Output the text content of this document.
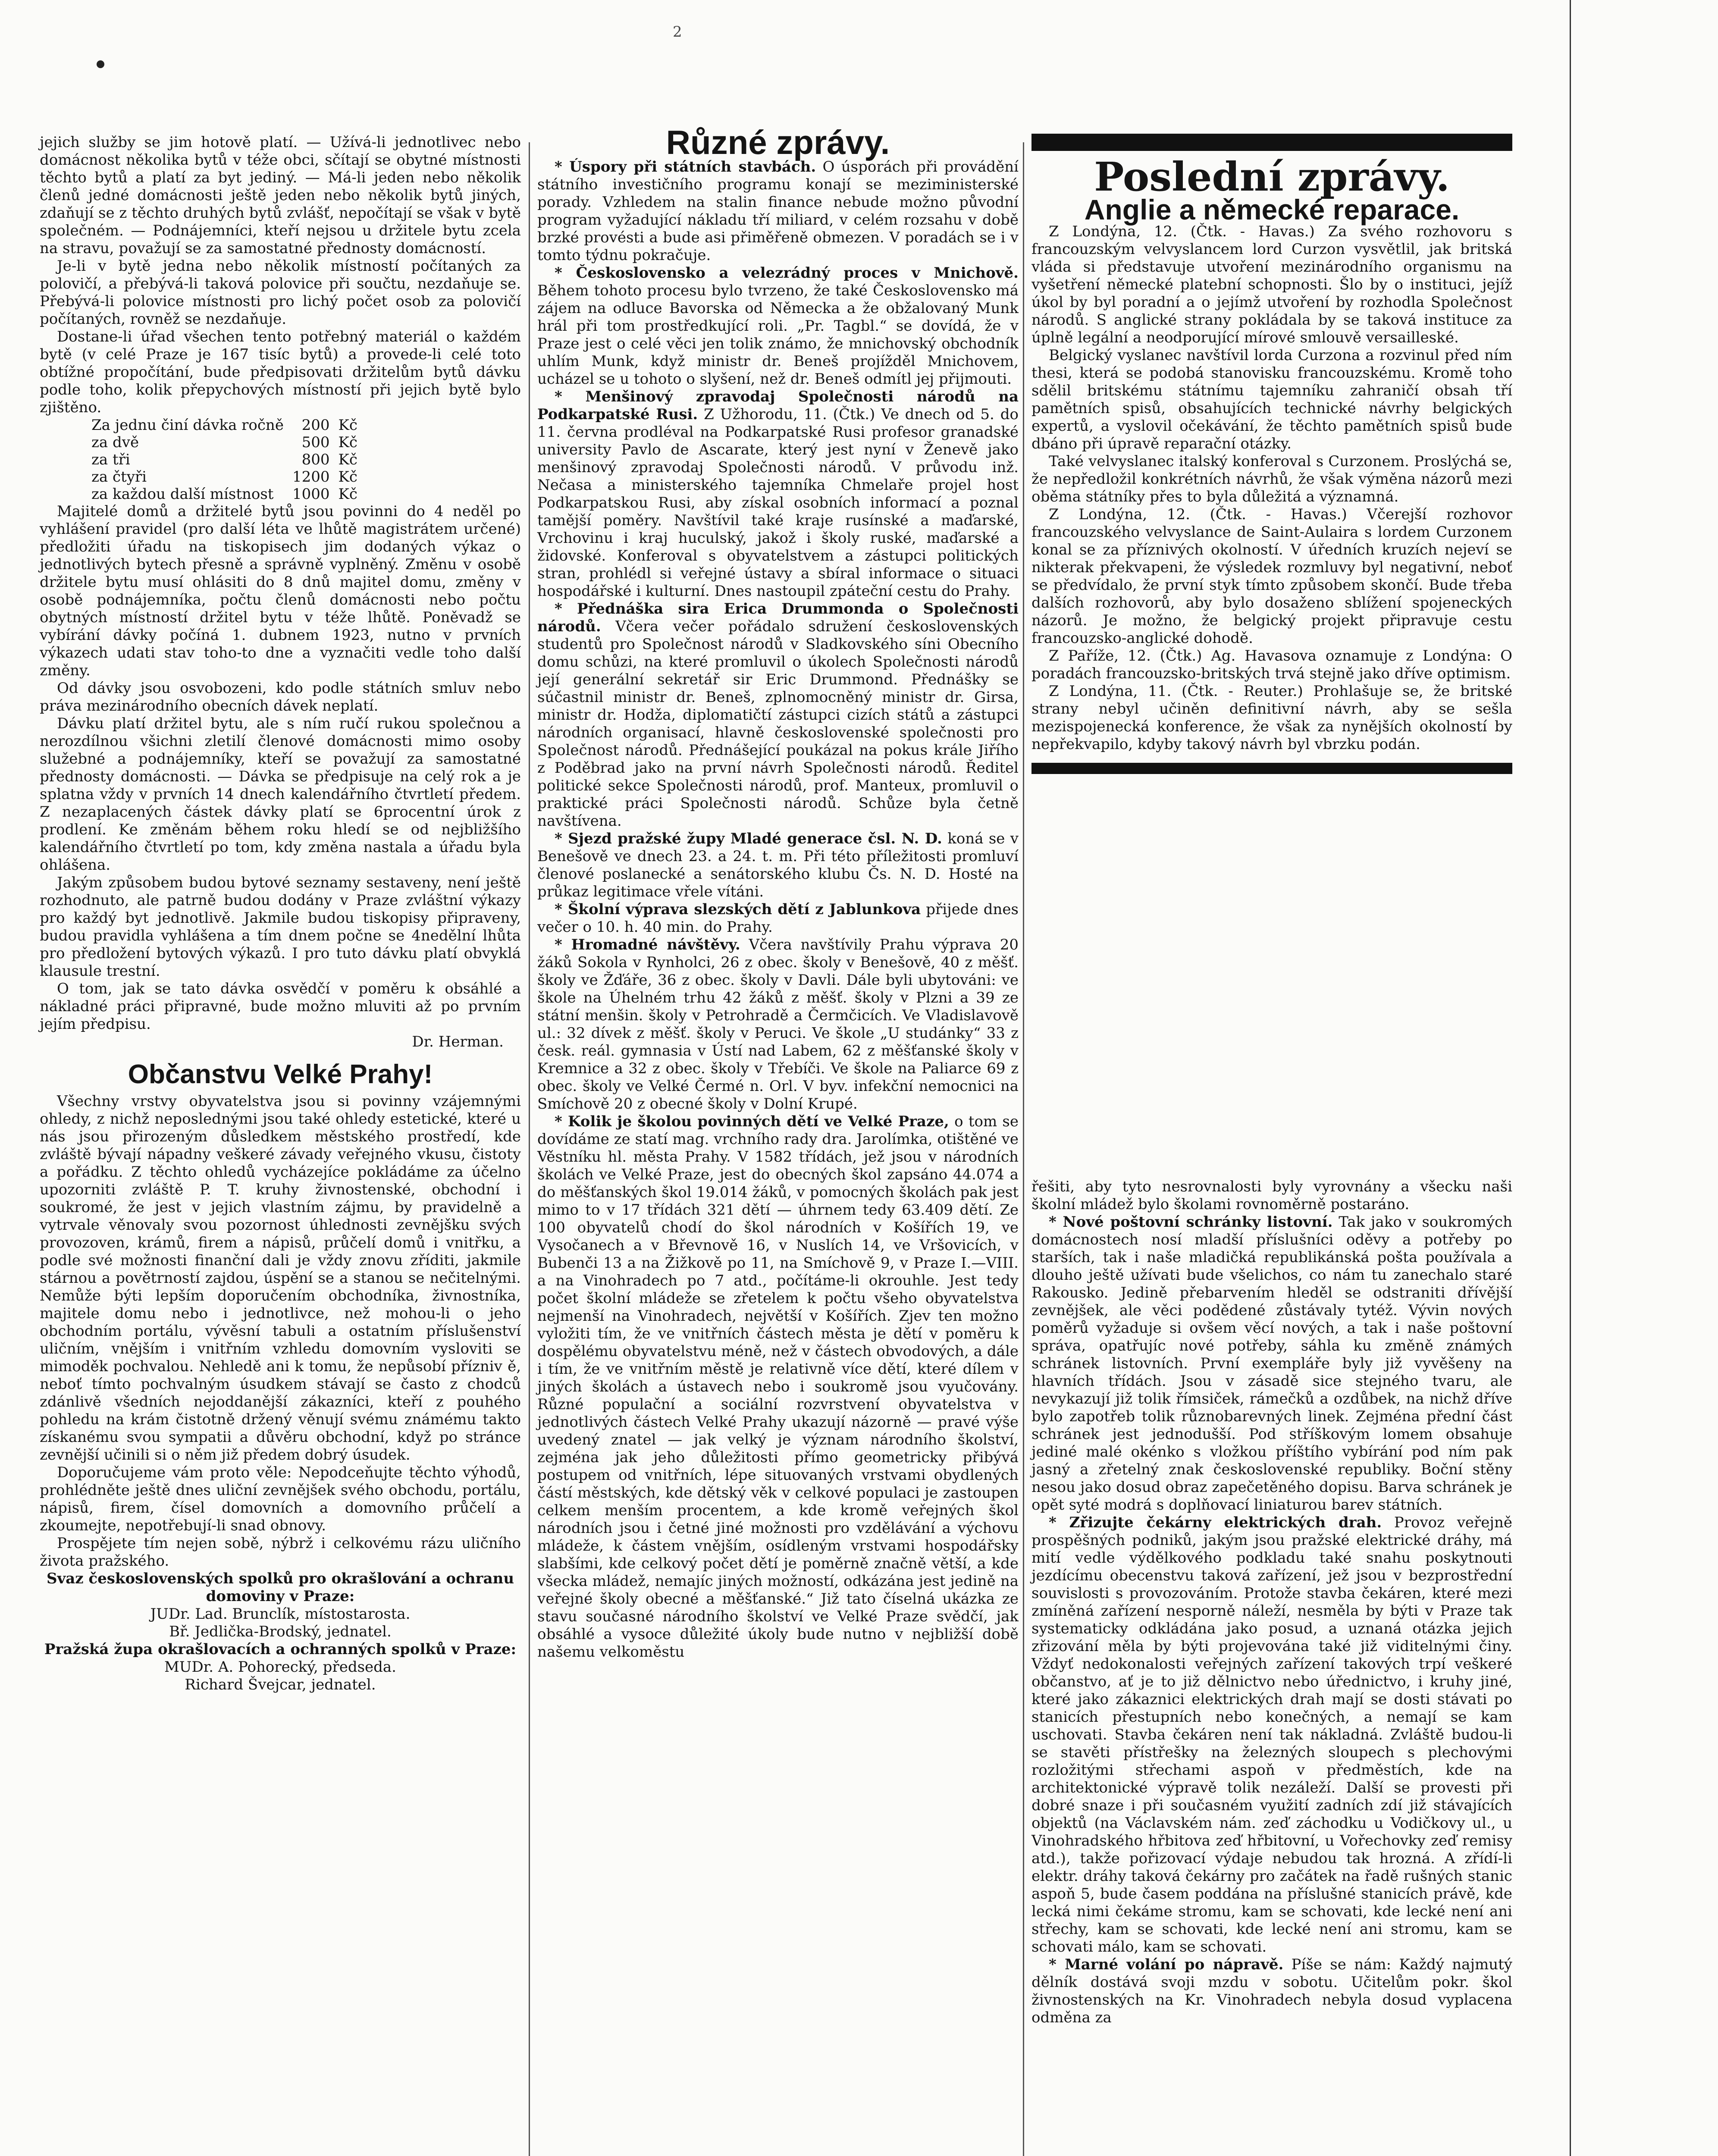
2

jejich služby se jim hotově platí. — Užívá-li jednotlivec nebo domácnost několika bytů v téže obci, sčítají se obytné místnosti těchto bytů a platí za byt jediný. — Má-li jeden nebo několik členů jedné domácnosti ještě jeden nebo několik bytů jiných, zdaňují se z těchto druhých bytů zvlášť, nepočítají se však v bytě společném. — Podnájemníci, kteří nejsou u držitele bytu zcela na stravu, považují se za samostatné přednosty domácností.

Je-li v bytě jedna nebo několik místností počítaných za polovičí, a přebývá-li taková polovice při součtu, nezdaňuje se. Přebývá-li polovice místnosti pro lichý počet osob za polovičí počítaných, rovněž se nezdaňuje.

Dostane-li úřad všechen tento potřebný materiál o každém bytě (v celé Praze je 167 tisíc bytů) a provede-li celé toto obtížné propočítání, bude předpisovati držitelům bytů dávku podle toho, kolik přepychových místností při jejich bytě bylo zjištěno.

Za jednu činí dávka ročně	200	Kč
za dvě	500	Kč
za tři	800	Kč
za čtyři	1200	Kč
za každou další místnost	1000	Kč

Majitelé domů a držitelé bytů jsou povinni do 4 neděl po vyhlášení pravidel (pro další léta ve lhůtě magistrátem určené) předložiti úřadu na tiskopisech jim dodaných výkaz o jednotlivých bytech přesně a správně vyplněný. Změnu v osobě držitele bytu musí ohlásiti do 8 dnů majitel domu, změny v osobě podnájemníka, počtu členů domácnosti nebo počtu obytných místností držitel bytu v téže lhůtě. Poněvadž se vybírání dávky počíná 1. dubnem 1923, nutno v prvních výkazech udati stav toho-to dne a vyznačiti vedle toho další změny.

Od dávky jsou osvobozeni, kdo podle státních smluv nebo práva mezinárodního obecních dávek neplatí.

Dávku platí držitel bytu, ale s ním ručí rukou společnou a nerozdílnou všichni zletilí členové domácnosti mimo osoby služebné a podnájemníky, kteří se považují za samostatné přednosty domácnosti. — Dávka se předpisuje na celý rok a je splatna vždy v prvních 14 dnech kalendářního čtvrtletí předem. Z nezaplacených částek dávky platí se 6procentní úrok z prodlení. Ke změnám během roku hledí se od nejbližšího kalendářního čtvrtletí po tom, kdy změna nastala a úřadu byla ohlášena.

Jakým způsobem budou bytové seznamy sestaveny, není ještě rozhodnuto, ale patrně budou dodány v Praze zvláštní výkazy pro každý byt jednotlivě. Jakmile budou tiskopisy připraveny, budou pravidla vyhlášena a tím dnem počne se 4nedělní lhůta pro předložení bytových výkazů. I pro tuto dávku platí obvyklá klausule trestní.

O tom, jak se tato dávka osvědčí v poměru k obsáhlé a nákladné práci připravné, bude možno mluviti až po prvním jejím předpisu.

Dr. Herman.

Občanstvu Velké Prahy!

Všechny vrstvy obyvatelstva jsou si povinny vzájemnými ohledy, z nichž neposlednými jsou také ohledy estetické, které u nás jsou přirozeným důsledkem městského prostředí, kde zvláště bývají nápadny veškeré závady veřejného vkusu, čistoty a pořádku. Z těchto ohledů vycházejíce pokládáme za účelno upozorniti zvláště P. T. kruhy živnostenské, obchodní i soukromé, že jest v jejich vlastním zájmu, by pravidelně a vytrvale věnovaly svou pozornost úhlednosti zevnějšku svých provozoven, krámů, firem a nápisů, průčelí domů i vnitřku, a podle své možnosti finanční dali je vždy znovu zříditi, jakmile stárnou a povětrností zajdou, úspění se a stanou se nečitelnými. Nemůže býti lepším doporučením obchodníka, živnostníka, majitele domu nebo i jednotlivce, než mohou-li o jeho obchodním portálu, vývěsní tabuli a ostatním příslušenství uličním, vnějším i vnitřním vzhledu domovním vysloviti se mimoděk pochvalou. Nehledě ani k tomu, že nepůsobí přízniv ě, neboť tímto pochvalným úsudkem stávají se často z chodců zdánlivě všedních nejoddanější zákazníci, kteří z pouhého pohledu na krám čistotně držený věnují svému známému takto získanému svou sympatii a důvěru obchodní, když po stránce zevnější učinili si o něm již předem dobrý úsudek.

Doporučujeme vám proto věle: Nepodceňujte těchto výhodů, prohlédněte ještě dnes uliční zevnějšek svého obchodu, portálu, nápisů, firem, čísel domovních a domovního průčelí a zkoumejte, nepotřebují-li snad obnovy.

Prospějete tím nejen sobě, nýbrž i celkovému rázu uličního života pražského.

Svaz československých spolků pro okrašlování a ochranu domoviny v Praze:

JUDr. Lad. Brunclík, místostarosta.

Bř. Jedlička-Brodský, jednatel.

Pražská župa okrašlovacích a ochranných spolků v Praze:

MUDr. A. Pohorecký, předseda.

Richard Švejcar, jednatel.

Různé zprávy.

* Úspory při státních stavbách. O úsporách při provádění státního investičního programu konají se meziministerské porady. Vzhledem na stalin finance nebude možno původní program vyžadující nákladu tří miliard, v celém rozsahu v době brzké provésti a bude asi přiměřeně obmezen. V poradách se i v tomto týdnu pokračuje.

* Československo a velezrádný proces v Mnichově. Během tohoto procesu bylo tvrzeno, že také Československo má zájem na odluce Bavorska od Německa a že obžalovaný Munk hrál při tom prostředkující roli. „Pr. Tagbl.“ se dovídá, že v Praze jest o celé věci jen tolik známo, že mnichovský obchodník uhlím Munk, když ministr dr. Beneš projížděl Mnichovem, ucházel se u tohoto o slyšení, než dr. Beneš odmítl jej přijmouti.

* Menšinový zpravodaj Společnosti národů na Podkarpatské Rusi. Z Užhorodu, 11. (Čtk.) Ve dnech od 5. do 11. června prodléval na Podkarpatské Rusi profesor granadské university Pavlo de Ascarate, který jest nyní v Ženevě jako menšinový zpravodaj Společnosti národů. V průvodu inž. Nečasa a ministerského tajemníka Chmelaře projel host Podkarpatskou Rusi, aby získal osobních informací a poznal tamější poměry. Navštívil také kraje rusínské a maďarské, Vrchovinu i kraj huculský, jakož i školy ruské, maďarské a židovské. Konferoval s obyvatelstvem a zástupci politických stran, prohlédl si veřejné ústavy a sbíral informace o situaci hospodářské i kulturní. Dnes nastoupil zpáteční cestu do Prahy.

* Přednáška sira Erica Drummonda o Společnosti národů. Včera večer pořádalo sdružení československých studentů pro Společnost národů v Sladkovského síni Obecního domu schůzi, na které promluvil o úkolech Společnosti národů její generální sekretář sir Eric Drummond. Přednášky se súčastnil ministr dr. Beneš, zplnomocněný ministr dr. Girsa, ministr dr. Hodža, diplomatičtí zástupci cizích států a zástupci národních organisací, hlavně československé společnosti pro Společnost národů. Přednášející poukázal na pokus krále Jiřího z Poděbrad jako na první návrh Společnosti národů. Ředitel politické sekce Společnosti národů, prof. Manteux, promluvil o praktické práci Společnosti národů. Schůze byla četně navštívena.

* Sjezd pražské župy Mladé generace čsl. N. D. koná se v Benešově ve dnech 23. a 24. t. m. Při této příležitosti promluví členové poslanecké a senátorského klubu Čs. N. D. Hosté na průkaz legitimace vřele vítáni.

* Školní výprava slezských dětí z Jablunkova přijede dnes večer o 10. h. 40 min. do Prahy.

* Hromadné návštěvy. Včera navštívily Prahu výprava 20 žáků Sokola v Rynholci, 26 z obec. školy v Benešově, 40 z měšť. školy ve Žďáře, 36 z obec. školy v Davli. Dále byli ubytováni: ve škole na Úhelném trhu 42 žáků z měšť. školy v Plzni a 39 ze státní menšin. školy v Petrohradě a Čermčicích. Ve Vladislavově ul.: 32 dívek z měšť. školy v Peruci. Ve škole „U studánky“ 33 z česk. reál. gymnasia v Ústí nad Labem, 62 z měšťanské školy v Kremnice a 32 z obec. školy v Třebíči. Ve škole na Paliarce 69 z obec. školy ve Velké Čermé n. Orl. V byv. infekční nemocnici na Smíchově 20 z obecné školy v Dolní Krupé.

* Kolik je školou povinných dětí ve Velké Praze, o tom se dovídáme ze statí mag. vrchního rady dra. Jarolímka, otištěné ve Věstníku hl. města Prahy. V 1582 třídách, jež jsou v národních školách ve Velké Praze, jest do obecných škol zapsáno 44.074 a do měšťanských škol 19.014 žáků, v pomocných školách pak jest mimo to v 17 třídách 321 dětí — úhrnem tedy 63.409 dětí. Ze 100 obyvatelů chodí do škol národních v Košířích 19, ve Vysočanech a v Břevnově 16, v Nuslích 14, ve Vršovicích, v Bubenči 13 a na Žižkově po 11, na Smíchově 9, v Praze I.—VIII. a na Vinohradech po 7 atd., počítáme-li okrouhle. Jest tedy počet školní mládeže se zřetelem k počtu všeho obyvatelstva nejmenší na Vinohradech, největší v Košířích. Zjev ten možno vyložiti tím, že ve vnitřních částech města je dětí v poměru k dospělému obyvatelstvu méně, než v částech obvodových, a dále i tím, že ve vnitřním městě je relativně více dětí, které dílem v jiných školách a ústavech nebo i soukromě jsou vyučovány. Různé populační a sociální rozvrstvení obyvatelstva v jednotlivých částech Velké Prahy ukazují názorně — pravé výše uvedený znatel — jak velký je význam národního školství, zejména jak jeho důležitosti přímo geometricky přibývá postupem od vnitřních, lépe situovaných vrstvami obydlených částí městských, kde dětský věk v celkové populaci je zastoupen celkem menším procentem, a kde kromě veřejných škol národních jsou i četné jiné možnosti pro vzdělávání a výchovu mládeže, k částem vnějším, osídleným vrstvami hospodářsky slabšími, kde celkový počet dětí je poměrně značně větší, a kde všecka mládež, nemajíc jiných možností, odkázána jest jedině na veřejné školy obecné a měšťanské.“ Již tato číselná ukázka ze stavu současné národního školství ve Velké Praze svědčí, jak obsáhlé a vysoce důležité úkoly bude nutno v nejbližší době našemu velkoměstu

Poslední zprávy.
Anglie a německé reparace.

Z Londýna, 12. (Čtk. - Havas.) Za svého rozhovoru s francouzským velvyslancem lord Curzon vysvětlil, jak britská vláda si představuje utvoření mezinárodního organismu na vyšetření německé platební schopnosti. Šlo by o instituci, jejíž úkol by byl poradní a o jejímž utvoření by rozhodla Společnost národů. S anglické strany pokládala by se taková instituce za úplně legální a neodporující mírové smlouvě versailleské.

Belgický vyslanec navštívil lorda Curzona a rozvinul před ním thesi, která se podobá stanovisku francouzskému. Kromě toho sdělil britskému státnímu tajemníku zahraničí obsah tří pamětních spisů, obsahujících technické návrhy belgických expertů, a vyslovil očekávání, že těchto pamětních spisů bude dbáno při úpravě reparační otázky.

Také velvyslanec italský konferoval s Curzonem. Proslýchá se, že nepředložil konkrétních návrhů, že však výměna názorů mezi oběma státníky přes to byla důležitá a významná.

Z Londýna, 12. (Čtk. - Havas.) Včerejší rozhovor francouzského velvyslance de Saint-Aulaira s lordem Curzonem konal se za příznivých okolností. V úředních kruzích nejeví se nikterak překvapeni, že výsledek rozmluvy byl negativní, neboť se předvídalo, že první styk tímto způsobem skončí. Bude třeba dalších rozhovorů, aby bylo dosaženo sblížení spojeneckých názorů. Je možno, že belgický projekt připravuje cestu francouzsko-anglické dohodě.

Z Paříže, 12. (Čtk.) Ag. Havasova oznamuje z Londýna: O poradách francouzsko-britských trvá stejně jako dříve optimism.

Z Londýna, 11. (Čtk. - Reuter.) Prohlašuje se, že britské strany nebyl učiněn definitivní návrh, aby se sešla mezispojenecká konference, že však za nynějších okolností by nepřekvapilo, kdyby takový návrh byl vbrzku podán.

řešiti, aby tyto nesrovnalosti byly vyrovnány a v⁠šecku naši školní mládež bylo školami rovnoměrně postaráno.

* Nové poštovní schránky listovní. Tak jako v soukromých domácnostech nosí mladší příslušníci oděvy a potřeby po starších, tak i naše mladičká republikánská pošta používala a dlouho ještě užívati bude všelichos, co nám tu zanechalo staré Rakousko. Jedině přebarvením hleděl se odstraniti dřívější zevnějšek, ale věci podědené zůstávaly tytéž. Vývin nových poměrů vyžaduje si ovšem věcí nových, a tak i naše poštovní správa, opatřujíc nové potřeby, sáhla ku změně známých schránek listovních. První exempláře byly již vyvěšeny na hlavních třídách. Jsou v zásadě sice stejného tvaru, ale nevykazují již tolik římsiček, rámečků a ozdůbek, na nichž dříve bylo zapotřeb tolik různobarevných linek. Zejména přední část schránek jest jednodušší. Pod stříškovým lomem obsahuje jediné malé okénko s vložkou příštího vybírání pod ním pak jasný a zřetelný znak československé republiky. Boční stěny nesou jako dosud obraz zapečetěného dopisu. Barva schránek je opět syté modrá s doplňovací liniaturou barev státních.

* Zřizujte čekárny elektrických drah. Provoz veřejně prospěšných podniků, jakým jsou pražské elektrické dráhy, má mití vedle výdělkového podkladu také snahu poskytnouti jezdícímu obecenstvu taková zařízení, jež jsou v bezprostřední souvislosti s provozováním. Protože stavba čekáren, které mezi zmíněná zařízení nesporně náleží, nesměla by býti v Praze tak systematicky odkládána jako posud, a uznaná otázka jejich zřizování měla by býti projevována také již viditelnými činy. Vždyť nedokonalosti veřejných zařízení takových trpí veškeré občanstvo, ať je to již dělnictvo nebo úřednictvo, i kruhy jiné, které jako zákaznici elektrických drah mají se dosti stávati po stanicích přestupních nebo konečných, a nemají se kam uschovati. Stavba čekáren není tak nákladná. Zvláště budou-li se stavěti přístřešky na železných sloupech s plechovými rozložitými střechami aspoň v předměstích, kde na architektonické výpravě tolik nezáleží. Další se provesti při dobré snaze i při současném využití zadních zdí již stávajících objektů (na Václavském nám. zeď záchodku u Vodičkovy ul., u Vinohradského hřbitova zeď hřbitovní, u Vořechovky zeď remisy atd.), takže pořizovací výdaje nebudou tak hrozná. A zřídí-li elektr. dráhy taková čekárny pro začátek na řadě rušných stanic aspoň 5, bude časem poddána na příslušné stanicích právě, kde lecká nimi čekáme stromu, kam se schovati, kde lecké není ani střechy, kam se schovati, kde lecké není ani stromu, kam se schovati málo, kam se schovati.

* Marné volání po nápravě. Píše se nám: Každý najmutý dělník dostává svoji mzdu v sobotu. Učitelům pokr. škol živnostenských na Kr. Vinohradech nebyla dosud vyplacena odměna za
